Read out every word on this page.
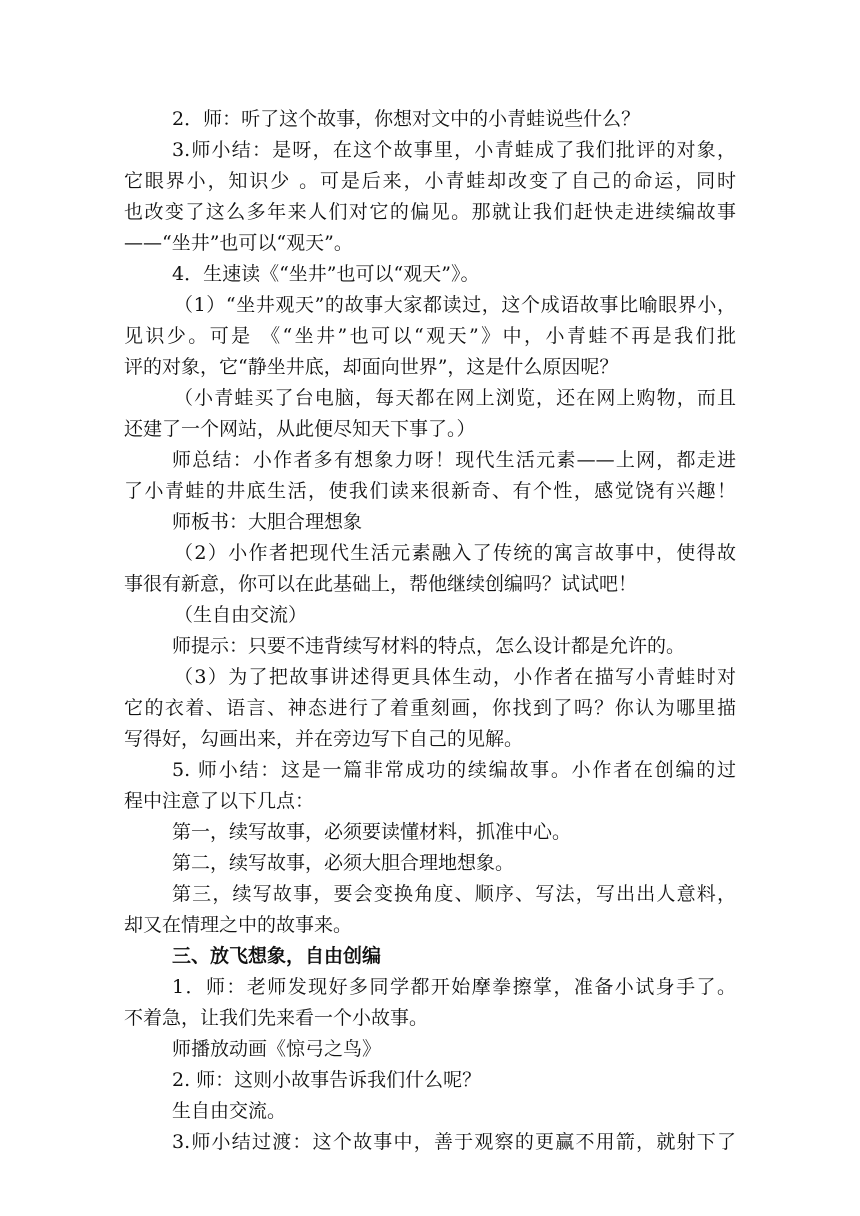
2．师：听了这个故事，你想对文中的小青蛙说些什么？
3.师小结：是呀，在这个故事里，小青蛙成了我们批评的对象，
它眼界小，知识少 。可是后来，小青蛙却改变了自己的命运，同时
也改变了这么多年来人们对它的偏见。那就让我们赶快走进续编故事
——“坐井”也可以“观天”。
4．生速读《“坐井”也可以“观天”》。
（1）“坐井观天”的故事大家都读过，这个成语故事比喻眼界小，
见识少。可是 《“坐井”也可以“观天”》中，小青蛙不再是我们批
评的对象，它“静坐井底，却面向世界”，这是什么原因呢？
（小青蛙买了台电脑，每天都在网上浏览，还在网上购物，而且
还建了一个网站，从此便尽知天下事了。）
师总结：小作者多有想象力呀！现代生活元素——上网，都走进
了小青蛙的井底生活，使我们读来很新奇、有个性，感觉饶有兴趣！
师板书：大胆合理想象
（2）小作者把现代生活元素融入了传统的寓言故事中，使得故
事很有新意，你可以在此基础上，帮他继续创编吗？试试吧！
（生自由交流）
师提示：只要不违背续写材料的特点，怎么设计都是允许的。
（3）为了把故事讲述得更具体生动，小作者在描写小青蛙时对
它的衣着、语言、神态进行了着重刻画，你找到了吗？你认为哪里描
写得好，勾画出来，并在旁边写下自己的见解。
5. 师小结：这是一篇非常成功的续编故事。小作者在创编的过
程中注意了以下几点：
第一，续写故事，必须要读懂材料，抓准中心。
第二，续写故事，必须大胆合理地想象。
第三，续写故事，要会变换角度、顺序、写法，写出出人意料，
却又在情理之中的故事来。
三、放飞想象，自由创编
1．师：老师发现好多同学都开始摩拳擦掌，准备小试身手了。
不着急，让我们先来看一个小故事。
师播放动画《惊弓之鸟》
2. 师：这则小故事告诉我们什么呢？
生自由交流。
3.师小结过渡：这个故事中，善于观察的更赢不用箭，就射下了
